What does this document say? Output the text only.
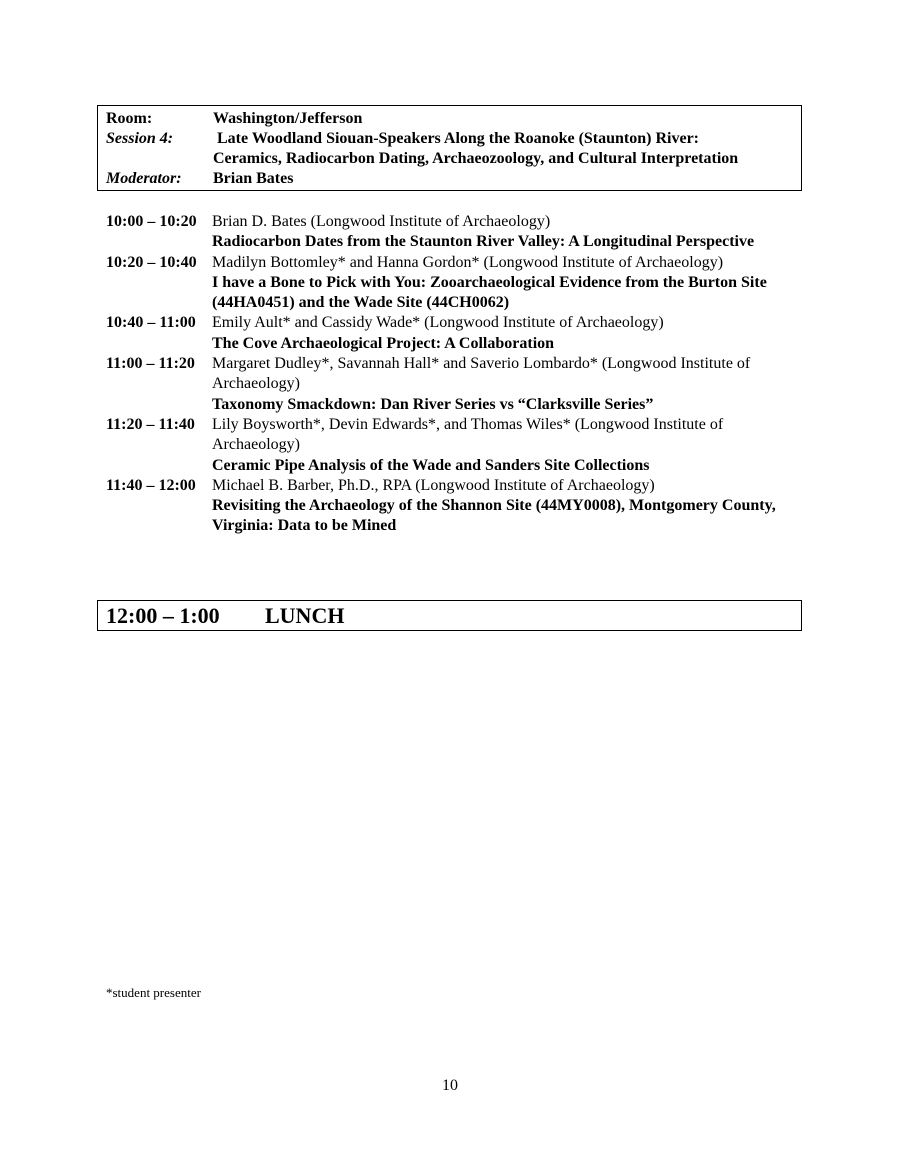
Room:	Washington/Jefferson
Session 4:	Late Woodland Siouan-Speakers Along the Roanoke (Staunton) River:
Ceramics, Radiocarbon Dating, Archaeozoology, and Cultural Interpretation
Moderator: Brian Bates
10:00 – 10:20 Brian D. Bates (Longwood Institute of Archaeology)
Radiocarbon Dates from the Staunton River Valley: A Longitudinal Perspective
10:20 – 10:40 Madilyn Bottomley* and Hanna Gordon* (Longwood Institute of Archaeology)
I have a Bone to Pick with You: Zooarchaeological Evidence from the Burton Site (44HA0451) and the Wade Site (44CH0062)
10:40 – 11:00 Emily Ault* and Cassidy Wade* (Longwood Institute of Archaeology)
The Cove Archaeological Project: A Collaboration
11:00 – 11:20 Margaret Dudley*, Savannah Hall* and Saverio Lombardo* (Longwood Institute of Archaeology)
Taxonomy Smackdown: Dan River Series vs “Clarksville Series”
11:20 – 11:40 Lily Boysworth*, Devin Edwards*, and Thomas Wiles* (Longwood Institute of Archaeology)
Ceramic Pipe Analysis of the Wade and Sanders Site Collections
11:40 – 12:00 Michael B. Barber, Ph.D., RPA (Longwood Institute of Archaeology)
Revisiting the Archaeology of the Shannon Site (44MY0008), Montgomery County, Virginia: Data to be Mined
12:00 – 1:00 LUNCH
*student presenter
10
